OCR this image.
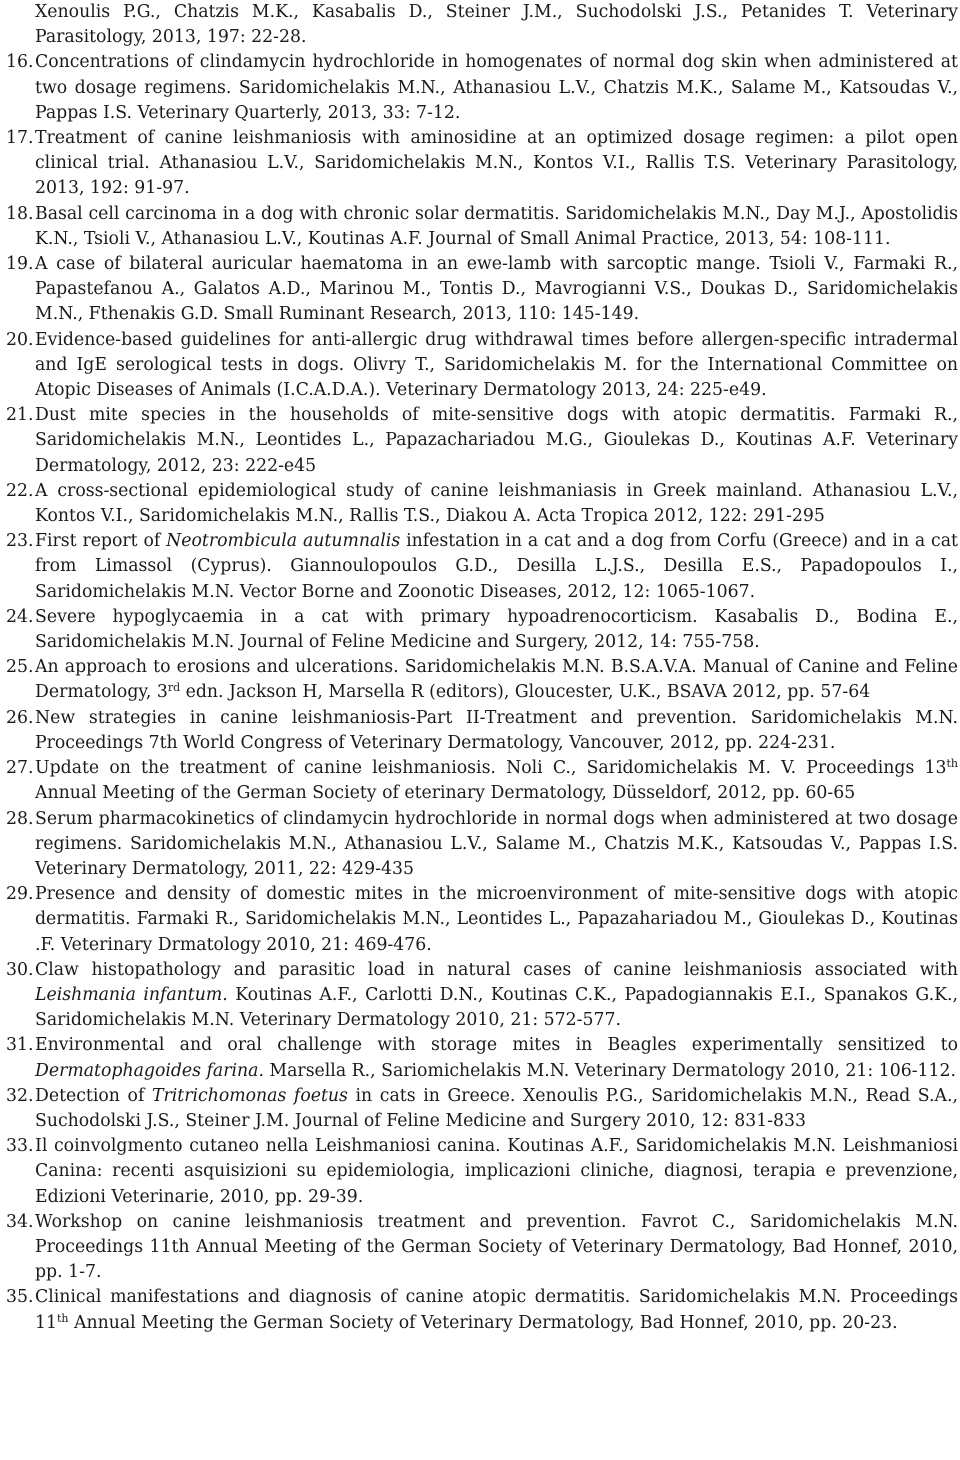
Xenoulis P.G., Chatzis M.K., Kasabalis D., Steiner J.M., Suchodolski J.S., Petanides T. Veterinary Parasitology, 2013, 197: 22-28.
16. Concentrations of clindamycin hydrochloride in homogenates of normal dog skin when administered at two dosage regimens. Saridomichelakis M.N., Athanasiou L.V., Chatzis M.K., Salame M., Katsoudas V., Pappas I.S. Veterinary Quarterly, 2013, 33: 7-12.
17. Treatment of canine leishmaniosis with aminosidine at an optimized dosage regimen: a pilot open clinical trial. Athanasiou L.V., Saridomichelakis M.N., Kontos V.I., Rallis T.S. Veterinary Parasitology, 2013, 192: 91-97.
18. Basal cell carcinoma in a dog with chronic solar dermatitis. Saridomichelakis M.N., Day M.J., Apostolidis K.N., Tsioli V., Athanasiou L.V., Koutinas A.F. Journal of Small Animal Practice, 2013, 54: 108-111.
19. A case of bilateral auricular haematoma in an ewe-lamb with sarcoptic mange. Tsioli V., Farmaki R., Papastefanou A., Galatos A.D., Marinou M., Tontis D., Mavrogianni V.S., Doukas D., Saridomichelakis M.N., Fthenakis G.D. Small Ruminant Research, 2013, 110: 145-149.
20. Evidence-based guidelines for anti-allergic drug withdrawal times before allergen-specific intradermal and IgE serological tests in dogs. Olivry T., Saridomichelakis M. for the International Committee on Atopic Diseases of Animals (I.C.A.D.A.). Veterinary Dermatology 2013, 24: 225-e49.
21. Dust mite species in the households of mite-sensitive dogs with atopic dermatitis. Farmaki R., Saridomichelakis M.N., Leontides L., Papazachariadou M.G., Gioulekas D., Koutinas A.F. Veterinary Dermatology, 2012, 23: 222-e45
22. A cross-sectional epidemiological study of canine leishmaniasis in Greek mainland. Athanasiou L.V., Kontos V.I., Saridomichelakis M.N., Rallis T.S., Diakou A. Acta Tropica 2012, 122: 291-295
23. First report of Neotrombicula autumnalis infestation in a cat and a dog from Corfu (Greece) and in a cat from Limassol (Cyprus). Giannoulopoulos G.D., Desilla L.J.S., Desilla E.S., Papadopoulos I., Saridomichelakis M.N. Vector Borne and Zoonotic Diseases, 2012, 12: 1065-1067.
24. Severe hypoglycaemia in a cat with primary hypoadrenocorticism. Kasabalis D., Bodina E., Saridomichelakis M.N. Journal of Feline Medicine and Surgery, 2012, 14: 755-758.
25. An approach to erosions and ulcerations. Saridomichelakis M.N. B.S.A.V.A. Manual of Canine and Feline Dermatology, 3rd edn. Jackson H, Marsella R (editors), Gloucester, U.K., BSAVA 2012, pp. 57-64
26. New strategies in canine leishmaniosis-Part II-Treatment and prevention. Saridomichelakis M.N. Proceedings 7th World Congress of Veterinary Dermatology, Vancouver, 2012, pp. 224-231.
27. Update on the treatment of canine leishmaniosis. Noli C., Saridomichelakis M. V. Proceedings 13th Annual Meeting of the German Society of eterinary Dermatology, Düsseldorf, 2012, pp. 60-65
28. Serum pharmacokinetics of clindamycin hydrochloride in normal dogs when administered at two dosage regimens. Saridomichelakis M.N., Athanasiou L.V., Salame M., Chatzis M.K., Katsoudas V., Pappas I.S. Veterinary Dermatology, 2011, 22: 429-435
29. Presence and density of domestic mites in the microenvironment of mite-sensitive dogs with atopic dermatitis. Farmaki R., Saridomichelakis M.N., Leontides L., Papazahariadou M., Gioulekas D., Koutinas .F. Veterinary Drmatology 2010, 21: 469-476.
30. Claw histopathology and parasitic load in natural cases of canine leishmaniosis associated with Leishmania infantum. Koutinas A.F., Carlotti D.N., Koutinas C.K., Papadogiannakis E.I., Spanakos G.K., Saridomichelakis M.N. Veterinary Dermatology 2010, 21: 572-577.
31. Environmental and oral challenge with storage mites in Beagles experimentally sensitized to Dermatophagoides farina. Marsella R., Sariomichelakis M.N. Veterinary Dermatology 2010, 21: 106-112.
32. Detection of Tritrichomonas foetus in cats in Greece. Xenoulis P.G., Saridomichelakis M.N., Read S.A., Suchodolski J.S., Steiner J.M. Journal of Feline Medicine and Surgery 2010, 12: 831-833
33. Il coinvolgmento cutaneo nella Leishmaniosi canina. Koutinas A.F., Saridomichelakis M.N. Leishmaniosi Canina: recenti asquisizioni su epidemiologia, implicazioni cliniche, diagnosi, terapia e prevenzione, Edizioni Veterinarie, 2010, pp. 29-39.
34. Workshop on canine leishmaniosis treatment and prevention. Favrot C., Saridomichelakis M.N. Proceedings 11th Annual Meeting of the German Society of Veterinary Dermatology, Bad Honnef, 2010, pp. 1-7.
35. Clinical manifestations and diagnosis of canine atopic dermatitis. Saridomichelakis M.N. Proceedings 11th Annual Meeting the German Society of Veterinary Dermatology, Bad Honnef, 2010, pp. 20-23.
